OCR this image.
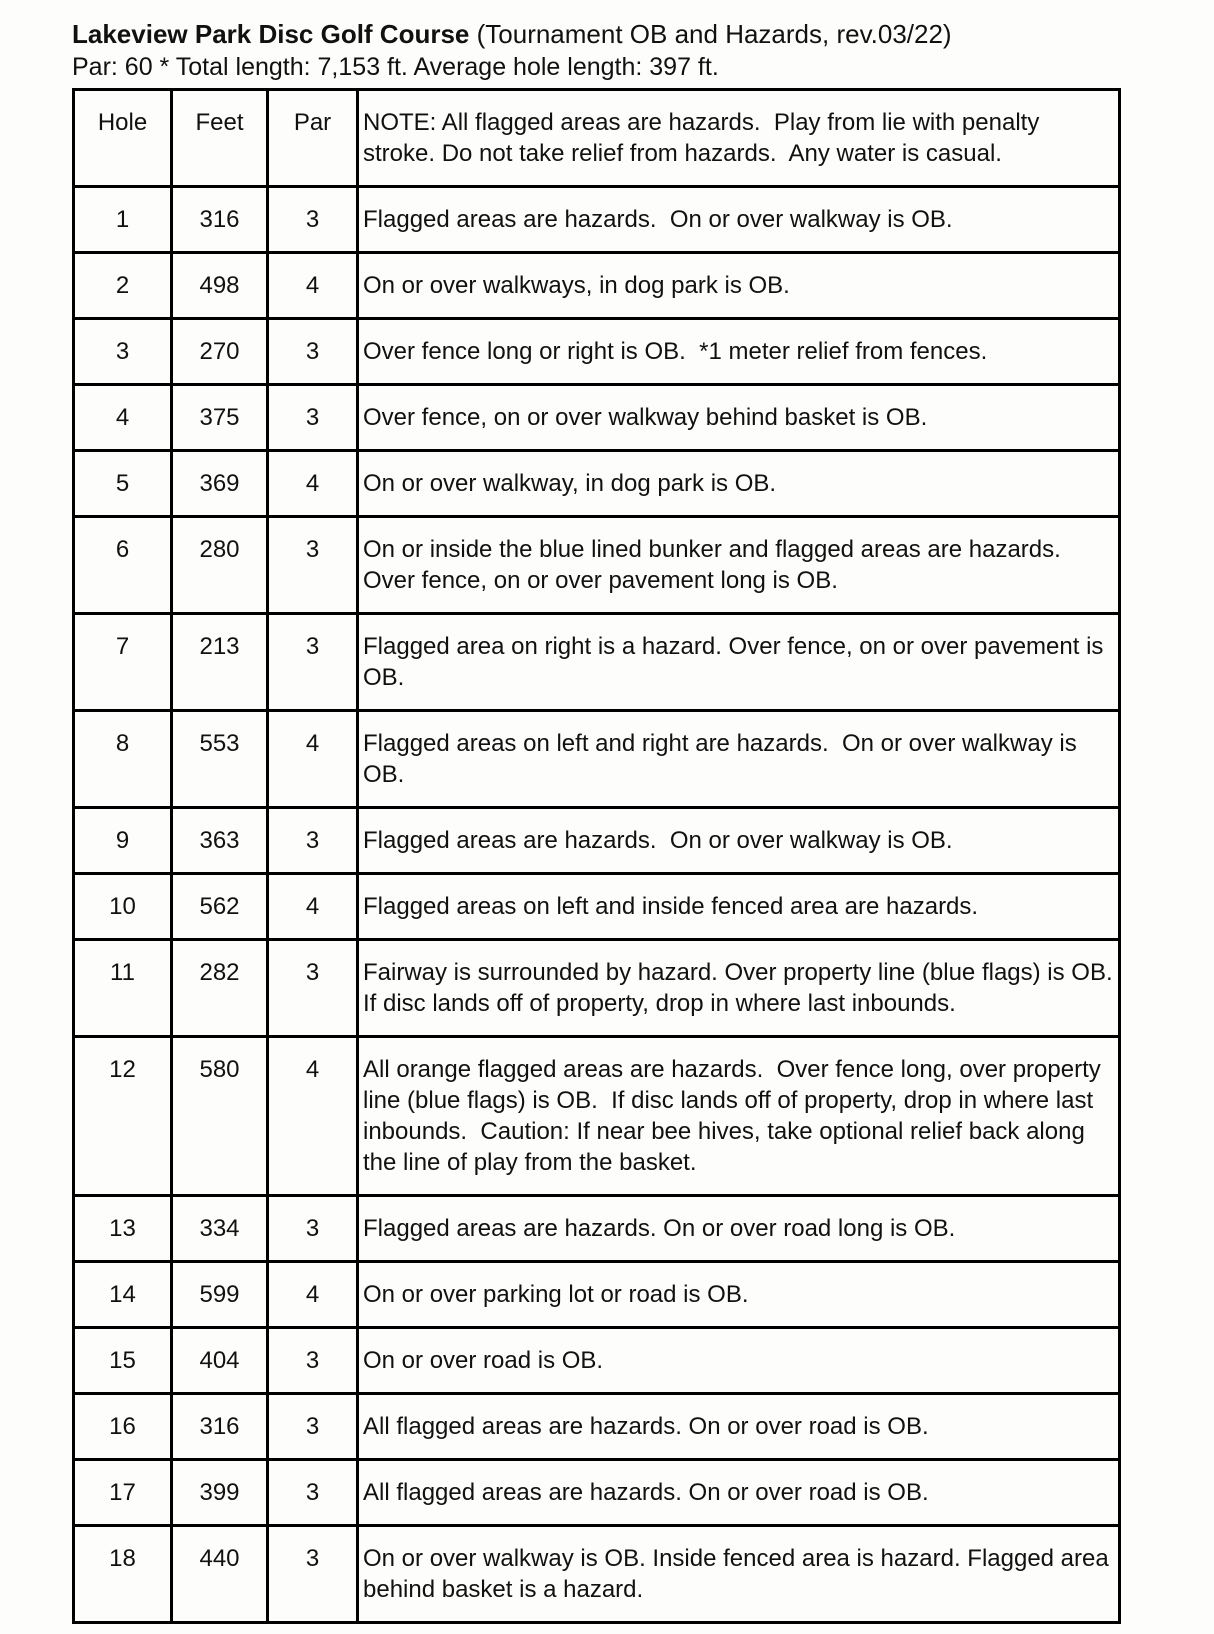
Lakeview Park Disc Golf Course (Tournament OB and Hazards, rev.03/22)
Par: 60 * Total length: 7,153 ft. Average hole length: 397 ft.
Hole	Feet	Par	NOTE: All flagged areas are hazards.  Play from lie with penalty stroke. Do not take relief from hazards.  Any water is casual.
1	316	3	Flagged areas are hazards.  On or over walkway is OB.
2	498	4	On or over walkways, in dog park is OB.
3	270	3	Over fence long or right is OB.  *1 meter relief from fences.
4	375	3	Over fence, on or over walkway behind basket is OB.
5	369	4	On or over walkway, in dog park is OB.
6	280	3	On or inside the blue lined bunker and flagged areas are hazards. Over fence, on or over pavement long is OB.
7	213	3	Flagged area on right is a hazard. Over fence, on or over pavement is OB.
8	553	4	Flagged areas on left and right are hazards.  On or over walkway is OB.
9	363	3	Flagged areas are hazards.  On or over walkway is OB.
10	562	4	Flagged areas on left and inside fenced area are hazards.
11	282	3	Fairway is surrounded by hazard. Over property line (blue flags) is OB.  If disc lands off of property, drop in where last inbounds.
12	580	4	All orange flagged areas are hazards.  Over fence long, over property line (blue flags) is OB.  If disc lands off of property, drop in where last inbounds.  Caution: If near bee hives, take optional relief back along the line of play from the basket.
13	334	3	Flagged areas are hazards. On or over road long is OB.
14	599	4	On or over parking lot or road is OB.
15	404	3	On or over road is OB.
16	316	3	All flagged areas are hazards. On or over road is OB.
17	399	3	All flagged areas are hazards. On or over road is OB.
18	440	3	On or over walkway is OB. Inside fenced area is hazard. Flagged area behind basket is a hazard.
